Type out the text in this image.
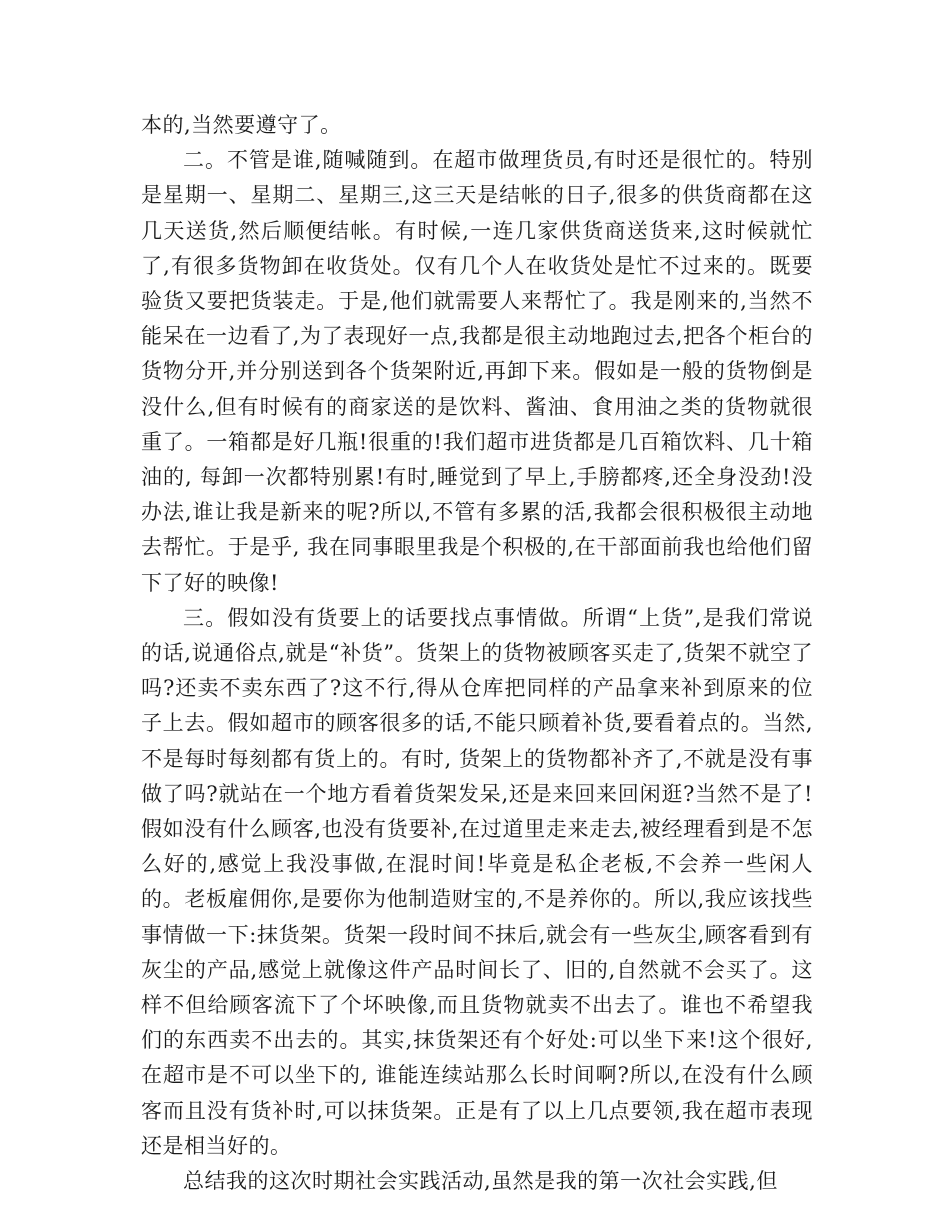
本的,当然要遵守了。

二。不管是谁,随喊随到。在超市做理货员,有时还是很忙的。特别是星期一、星期二、星期三,这三天是结帐的日子,很多的供货商都在这几天送货,然后顺便结帐。有时候,一连几家供货商送货来,这时候就忙了,有很多货物卸在收货处。仅有几个人在收货处是忙不过来的。既要验货又要把货装走。于是,他们就需要人来帮忙了。我是刚来的,当然不能呆在一边看了,为了表现好一点,我都是很主动地跑过去,把各个柜台的货物分开,并分别送到各个货架附近,再卸下来。假如是一般的货物倒是没什么,但有时候有的商家送的是饮料、酱油、食用油之类的货物就很重了。一箱都是好几瓶!很重的!我们超市进货都是几百箱饮料、几十箱油的, 每卸一次都特别累!有时,睡觉到了早上,手膀都疼,还全身没劲!没办法,谁让我是新来的呢?所以,不管有多累的活,我都会很积极很主动地去帮忙。于是乎, 我在同事眼里我是个积极的,在干部面前我也给他们留下了好的映像!

三。假如没有货要上的话要找点事情做。所谓“上货”,是我们常说的话,说通俗点,就是“补货”。货架上的货物被顾客买走了,货架不就空了吗?还卖不卖东西了?这不行,得从仓库把同样的产品拿来补到原来的位子上去。假如超市的顾客很多的话,不能只顾着补货,要看着点的。当然,不是每时每刻都有货上的。有时, 货架上的货物都补齐了,不就是没有事做了吗?就站在一个地方看着货架发呆,还是来回来回闲逛?当然不是了!假如没有什么顾客,也没有货要补,在过道里走来走去,被经理看到是不怎么好的,感觉上我没事做,在混时间!毕竟是私企老板,不会养一些闲人的。老板雇佣你,是要你为他制造财宝的,不是养你的。所以,我应该找些事情做一下:抹货架。货架一段时间不抹后,就会有一些灰尘,顾客看到有灰尘的产品,感觉上就像这件产品时间长了、旧的,自然就不会买了。这样不但给顾客流下了个坏映像,而且货物就卖不出去了。谁也不希望我们的东西卖不出去的。其实,抹货架还有个好处:可以坐下来!这个很好,在超市是不可以坐下的, 谁能连续站那么长时间啊?所以,在没有什么顾客而且没有货补时,可以抹货架。正是有了以上几点要领,我在超市表现还是相当好的。

总结我的这次时期社会实践活动,虽然是我的第一次社会实践,但
